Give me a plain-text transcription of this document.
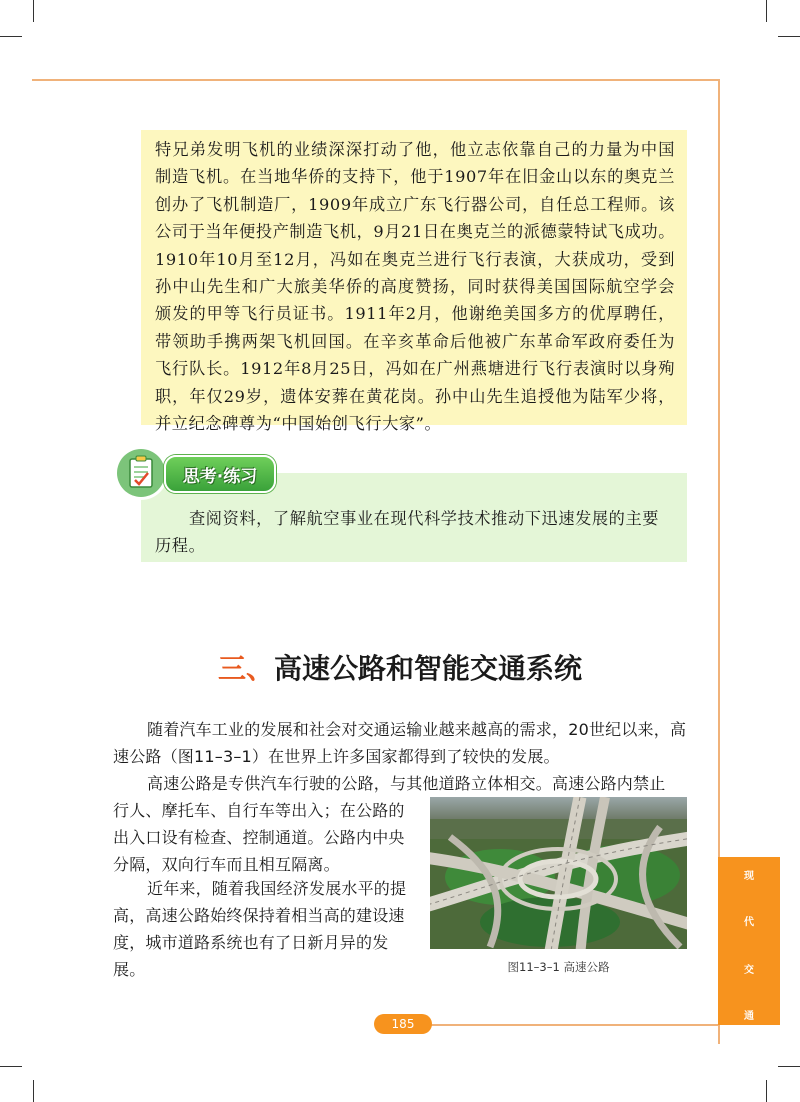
特兄弟发明飞机的业绩深深打动了他，他立志依靠自己的力量为中国制造飞机。在当地华侨的支持下，他于1907年在旧金山以东的奥克兰创办了飞机制造厂，1909年成立广东飞行器公司，自任总工程师。该公司于当年便投产制造飞机，9月21日在奥克兰的派德蒙特试飞成功。1910年10月至12月，冯如在奥克兰进行飞行表演，大获成功，受到孙中山先生和广大旅美华侨的高度赞扬，同时获得美国国际航空学会颁发的甲等飞行员证书。1911年2月，他谢绝美国多方的优厚聘任，带领助手携两架飞机回国。在辛亥革命后他被广东革命军政府委任为飞行队长。1912年8月25日，冯如在广州燕塘进行飞行表演时以身殉职，年仅29岁，遗体安葬在黄花岗。孙中山先生追授他为陆军少将，并立纪念碑尊为“中国始创飞行大家”。
思考·练习
查阅资料，了解航空事业在现代科学技术推动下迅速发展的主要历程。
三、高速公路和智能交通系统
随着汽车工业的发展和社会对交通运输业越来越高的需求，20世纪以来，高速公路（图11–3–1）在世界上许多国家都得到了较快的发展。
高速公路是专供汽车行驶的公路，与其他道路立体相交。高速公路内禁止
行人、摩托车、自行车等出入；在公路的出入口设有检查、控制通道。公路内中央分隔，双向行车而且相互隔离。
近年来，随着我国经济发展水平的提高，高速公路始终保持着相当高的建设速度，城市道路系统也有了日新月异的发展。	图11–3–1 高速公路
现
代
交
通
185
